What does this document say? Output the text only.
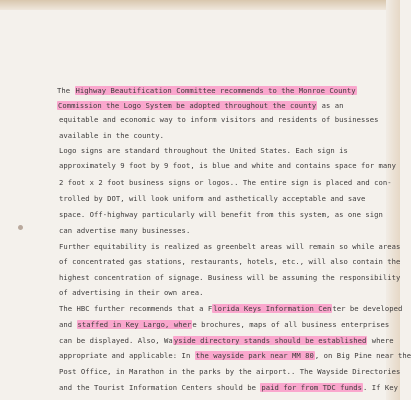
The Highway Beautification Committee recommends to the Monroe County
Commission the Logo System be adopted throughout the county as an
equitable and economic way to inform visitors and residents of businesses
available in the county.
Logo signs are standard throughout the United States. Each sign is
approximately 9 foot by 9 foot, is blue and white and contains space for many
2 foot x 2 foot business signs or logos.. The entire sign is placed and con-
trolled by DOT, will look uniform and asthetically acceptable and save
space. Off-highway particularly will benefit from this system, as one sign
can advertise many businesses.
Further equitability is realized as greenbelt areas will remain so while areas
of concentrated gas stations, restaurants, hotels, etc., will also contain the
highest concentration of signage. Business will be assuming the responsibility
of advertising in their own area.
The HBC further recommends that a Florida Keys Information Center be developed
and staffed in Key Largo, where brochures, maps of all business enterprises
can be displayed. Also, Wayside directory stands should be established where
appropriate and applicable: In the wayside park near MM 80, on Big Pine near the
Post Office, in Marathon in the parks by the airport.. The Wayside Directories
and the Tourist Information Centers should be paid for from TDC funds. If Key
